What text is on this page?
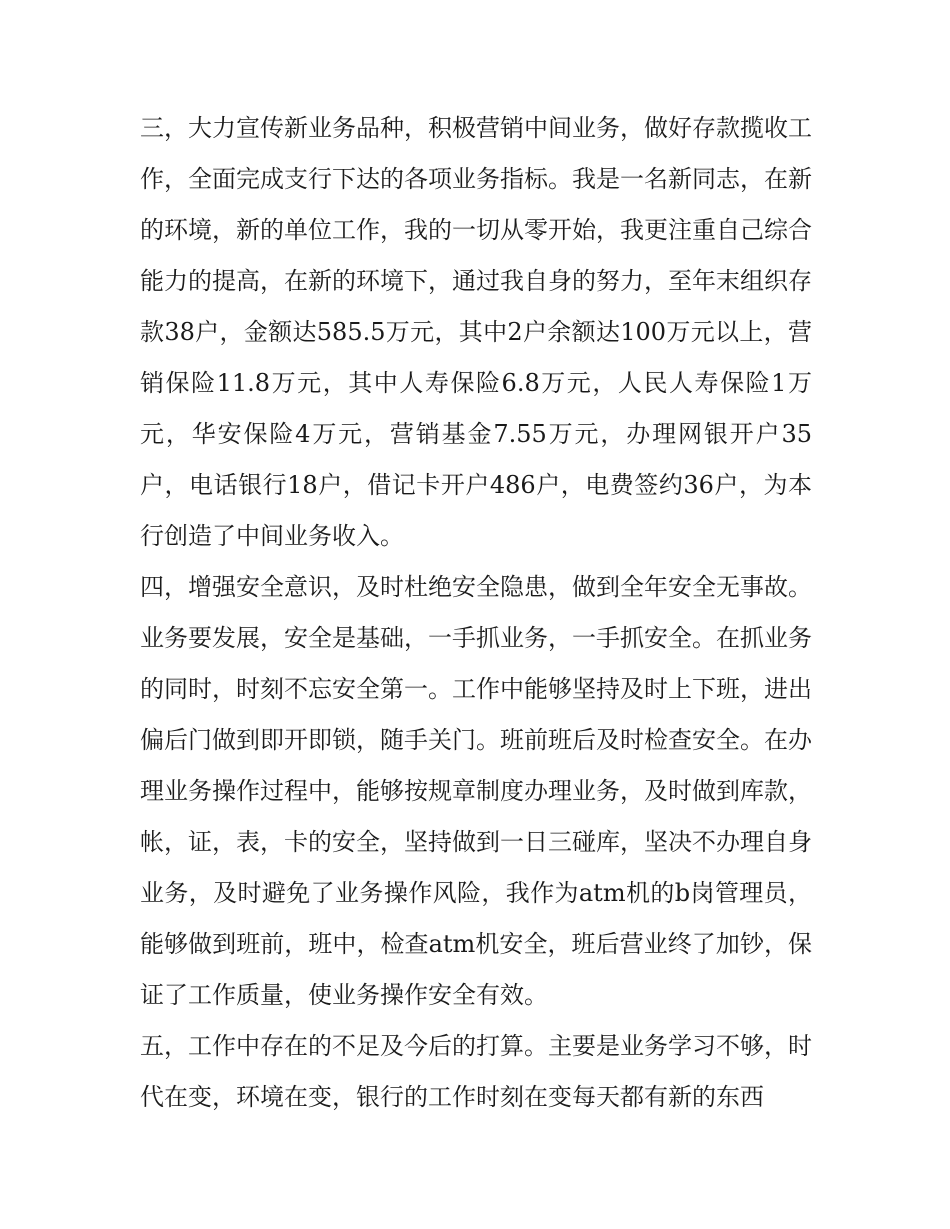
三，大力宣传新业务品种，积极营销中间业务，做好存款揽收工作，全面完成支行下达的各项业务指标。我是一名新同志，在新的环境，新的单位工作，我的一切从零开始，我更注重自己综合能力的提高，在新的环境下，通过我自身的努力，至年末组织存款38户，金额达585.5万元，其中2户余额达100万元以上，营销保险11.8万元，其中人寿保险6.8万元，人民人寿保险1万元，华安保险4万元，营销基金7.55万元，办理网银开户35户，电话银行18户，借记卡开户486户，电费签约36户，为本行创造了中间业务收入。

四，增强安全意识，及时杜绝安全隐患，做到全年安全无事故。业务要发展，安全是基础，一手抓业务，一手抓安全。在抓业务的同时，时刻不忘安全第一。工作中能够坚持及时上下班，进出偏后门做到即开即锁，随手关门。班前班后及时检查安全。在办理业务操作过程中，能够按规章制度办理业务，及时做到库款，帐，证，表，卡的安全，坚持做到一日三碰库，坚决不办理自身业务，及时避免了业务操作风险，我作为atm机的b岗管理员，能够做到班前，班中，检查atm机安全，班后营业终了加钞，保证了工作质量，使业务操作安全有效。

五，工作中存在的不足及今后的打算。主要是业务学习不够，时代在变，环境在变，银行的工作时刻在变每天都有新的东西
